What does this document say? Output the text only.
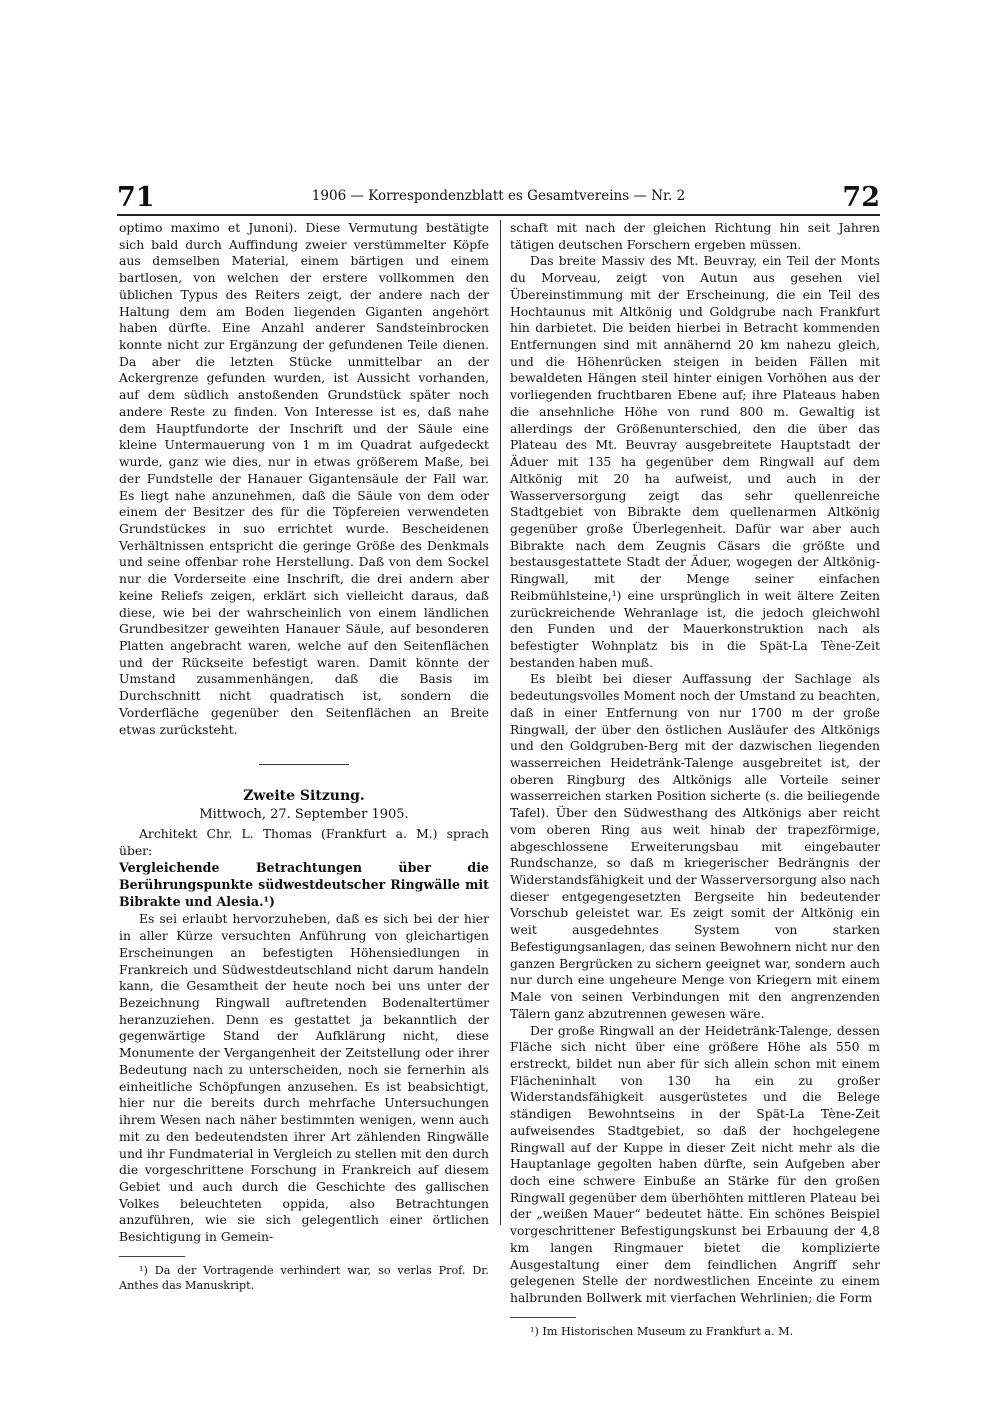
71	1906 — Korrespondenzblatt es Gesamtvereins — Nr. 2	72

optimo maximo et Junoni). Diese Vermutung bestätigte sich bald durch Auffindung zweier verstümmelter Köpfe aus demselben Material, einem bärtigen und einem bartlosen, von welchen der erstere vollkommen den üblichen Typus des Reiters zeigt, der andere nach der Haltung dem am Boden liegenden Giganten angehört haben dürfte. Eine Anzahl anderer Sandsteinbrocken konnte nicht zur Ergänzung der gefundenen Teile dienen. Da aber die letzten Stücke unmittelbar an der Ackergrenze gefunden wurden, ist Aussicht vorhanden, auf dem südlich anstoßenden Grundstück später noch andere Reste zu finden. Von Interesse ist es, daß nahe dem Hauptfundorte der Inschrift und der Säule eine kleine Untermauerung von 1 m im Quadrat aufgedeckt wurde, ganz wie dies, nur in etwas größerem Maße, bei der Fundstelle der Hanauer Gigantensäule der Fall war. Es liegt nahe anzunehmen, daß die Säule von dem oder einem der Besitzer des für die Töpfereien verwendeten Grundstückes in suo errichtet wurde. Bescheidenen Verhältnissen entspricht die geringe Größe des Denkmals und seine offenbar rohe Herstellung. Daß von dem Sockel nur die Vorderseite eine Inschrift, die drei andern aber keine Reliefs zeigen, erklärt sich vielleicht daraus, daß diese, wie bei der wahrscheinlich von einem ländlichen Grundbesitzer geweihten Hanauer Säule, auf besonderen Platten angebracht waren, welche auf den Seitenflächen und der Rückseite befestigt waren. Damit könnte der Umstand zusammenhängen, daß die Basis im Durchschnitt nicht quadratisch ist, sondern die Vorderfläche gegenüber den Seitenflächen an Breite etwas zurücksteht.

Zweite Sitzung.
Mittwoch, 27. September 1905.

Architekt Chr. L. Thomas (Frankfurt a. M.) sprach über:

Vergleichende Betrachtungen über die Berührungspunkte südwestdeutscher Ringwälle mit Bibrakte und Alesia.¹)

Es sei erlaubt hervorzuheben, daß es sich bei der hier in aller Kürze versuchten Anführung von gleichartigen Erscheinungen an befestigten Höhensiedlungen in Frankreich und Südwestdeutschland nicht darum handeln kann, die Gesamtheit der heute noch bei uns unter der Bezeichnung Ringwall auftretenden Bodenaltertümer heranzuziehen. Denn es gestattet ja bekanntlich der gegenwärtige Stand der Aufklärung nicht, diese Monumente der Vergangenheit der Zeitstellung oder ihrer Bedeutung nach zu unterscheiden, noch sie fernerhin als einheitliche Schöpfungen anzusehen. Es ist beabsichtigt, hier nur die bereits durch mehrfache Untersuchungen ihrem Wesen nach näher bestimmten wenigen, wenn auch mit zu den bedeutendsten ihrer Art zählenden Ringwälle und ihr Fundmaterial in Vergleich zu stellen mit den durch die vorgeschrittene Forschung in Frankreich auf diesem Gebiet und auch durch die Geschichte des gallischen Volkes beleuchteten oppida, also Betrachtungen anzuführen, wie sie sich gelegentlich einer örtlichen Besichtigung in Gemein-

¹) Da der Vortragende verhindert war, so verlas Prof. Dr. Anthes das Manuskript.

schaft mit nach der gleichen Richtung hin seit Jahren tätigen deutschen Forschern ergeben müssen.

Das breite Massiv des Mt. Beuvray, ein Teil der Monts du Morveau, zeigt von Autun aus gesehen viel Übereinstimmung mit der Erscheinung, die ein Teil des Hochtaunus mit Altkönig und Goldgrube nach Frankfurt hin darbietet. Die beiden hierbei in Betracht kommenden Entfernungen sind mit annähernd 20 km nahezu gleich, und die Höhenrücken steigen in beiden Fällen mit bewaldeten Hängen steil hinter einigen Vorhöhen aus der vorliegenden fruchtbaren Ebene auf; ihre Plateaus haben die ansehnliche Höhe von rund 800 m. Gewaltig ist allerdings der Größenunterschied, den die über das Plateau des Mt. Beuvray ausgebreitete Hauptstadt der Äduer mit 135 ha gegenüber dem Ringwall auf dem Altkönig mit 20 ha aufweist, und auch in der Wasserversorgung zeigt das sehr quellenreiche Stadtgebiet von Bibrakte dem quellenarmen Altkönig gegenüber große Überlegenheit. Dafür war aber auch Bibrakte nach dem Zeugnis Cäsars die größte und bestausgestattete Stadt der Äduer, wogegen der Altkönig-Ringwall, mit der Menge seiner einfachen Reibmühlsteine,¹) eine ursprünglich in weit ältere Zeiten zurückreichende Wehranlage ist, die jedoch gleichwohl den Funden und der Mauerkonstruktion nach als befestigter Wohnplatz bis in die Spät-La Tène-Zeit bestanden haben muß.

Es bleibt bei dieser Auffassung der Sachlage als bedeutungsvolles Moment noch der Umstand zu beachten, daß in einer Entfernung von nur 1700 m der große Ringwall, der über den östlichen Ausläufer des Altkönigs und den Goldgruben-Berg mit der dazwischen liegenden wasserreichen Heidetränk-Talenge ausgebreitet ist, der oberen Ringburg des Altkönigs alle Vorteile seiner wasserreichen starken Position sicherte (s. die beiliegende Tafel). Über den Südwesthang des Altkönigs aber reicht vom oberen Ring aus weit hinab der trapezförmige, abgeschlossene Erweiterungsbau mit eingebauter Rundschanze, so daß m kriegerischer Bedrängnis der Widerstandsfähigkeit und der Wasserversorgung also nach dieser entgegengesetzten Bergseite hin bedeutender Vorschub geleistet war. Es zeigt somit der Altkönig ein weit ausgedehntes System von starken Befestigungsanlagen, das seinen Bewohnern nicht nur den ganzen Bergrücken zu sichern geeignet war, sondern auch nur durch eine ungeheure Menge von Kriegern mit einem Male von seinen Verbindungen mit den angrenzenden Tälern ganz abzutrennen gewesen wäre.

Der große Ringwall an der Heidetränk-Talenge, dessen Fläche sich nicht über eine größere Höhe als 550 m erstreckt, bildet nun aber für sich allein schon mit einem Flächeninhalt von 130 ha ein zu großer Widerstandsfähigkeit ausgerüstetes und die Belege ständigen Bewohntseins in der Spät-La Tène-Zeit aufweisendes Stadtgebiet, so daß der hochgelegene Ringwall auf der Kuppe in dieser Zeit nicht mehr als die Hauptanlage gegolten haben dürfte, sein Aufgeben aber doch eine schwere Einbuße an Stärke für den großen Ringwall gegenüber dem überhöhten mittleren Plateau bei der „weißen Mauer“ bedeutet hätte. Ein schönes Beispiel vorgeschrittener Befestigungskunst bei Erbauung der 4,8 km langen Ringmauer bietet die komplizierte Ausgestaltung einer dem feindlichen Angriff sehr gelegenen Stelle der nordwestlichen Enceinte zu einem halbrunden Bollwerk mit vierfachen Wehrlinien; die Form

¹) Im Historischen Museum zu Frankfurt a. M.
